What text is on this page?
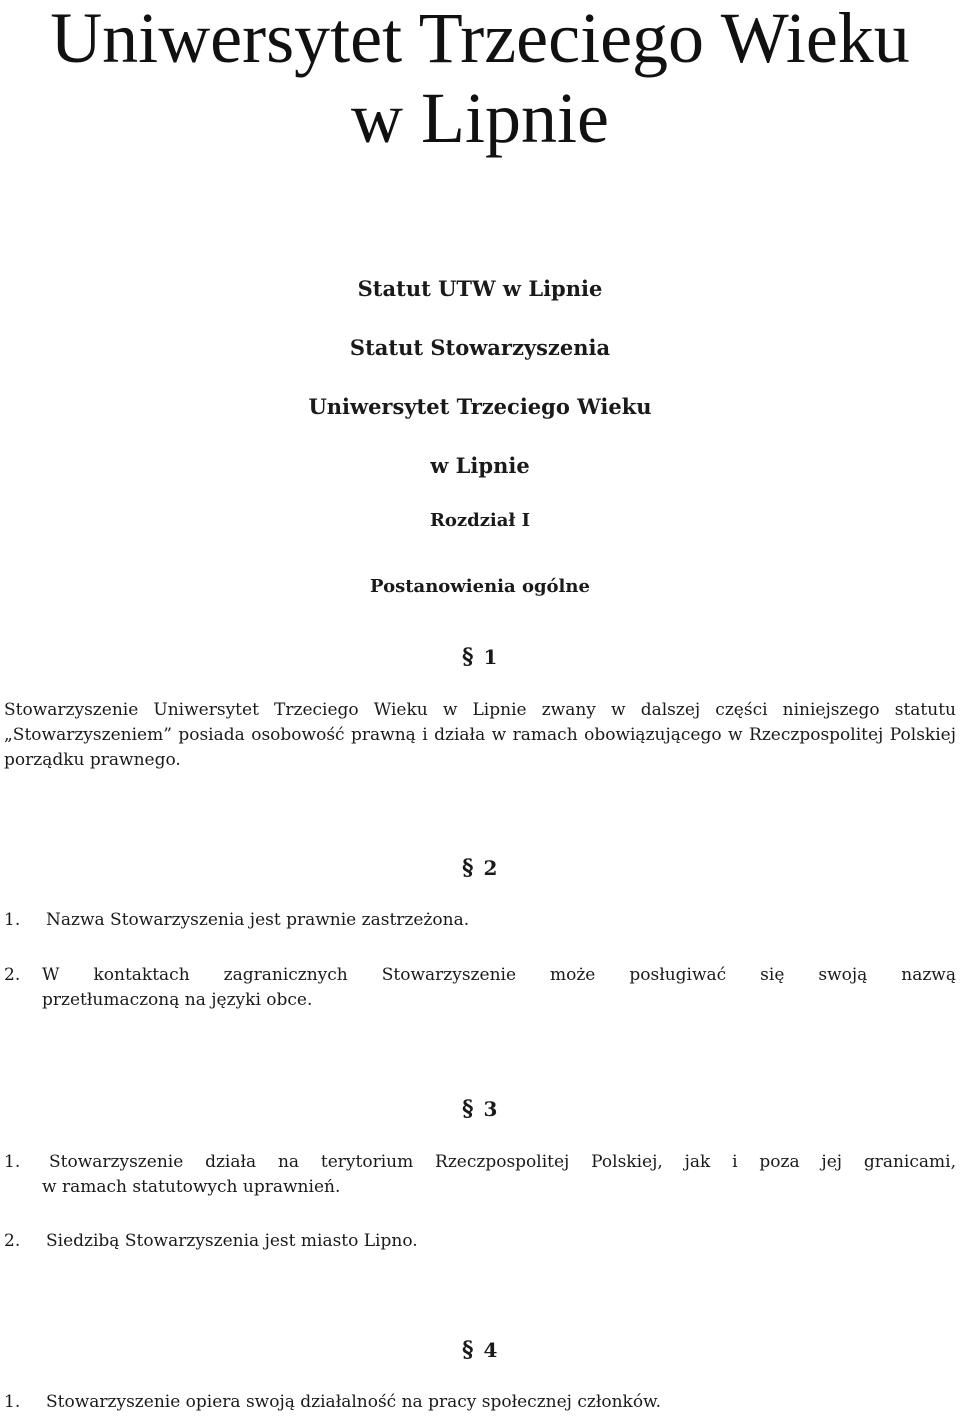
Uniwersytet Trzeciego Wieku
w Lipnie
Statut UTW w Lipnie
Statut Stowarzyszenia
Uniwersytet Trzeciego Wieku
w Lipnie
Rozdział I
Postanowienia ogólne
§ 1
Stowarzyszenie Uniwersytet Trzeciego Wieku w Lipnie zwany w dalszej części niniejszego statutu „Stowarzyszeniem” posiada osobowość prawną i działa w ramach obowiązującego w Rzeczpospolitej Polskiej porządku prawnego.
§ 2
1. Nazwa Stowarzyszenia jest prawnie zastrzeżona.
2. W kontaktach zagranicznych Stowarzyszenie może posługiwać się swoją nazwą
przetłumaczoną na języki obce.
§ 3
1. Stowarzyszenie działa na terytorium Rzeczpospolitej Polskiej, jak i poza jej granicami,
w ramach statutowych uprawnień.
2. Siedzibą Stowarzyszenia jest miasto Lipno.
§ 4
1. Stowarzyszenie opiera swoją działalność na pracy społecznej członków.
